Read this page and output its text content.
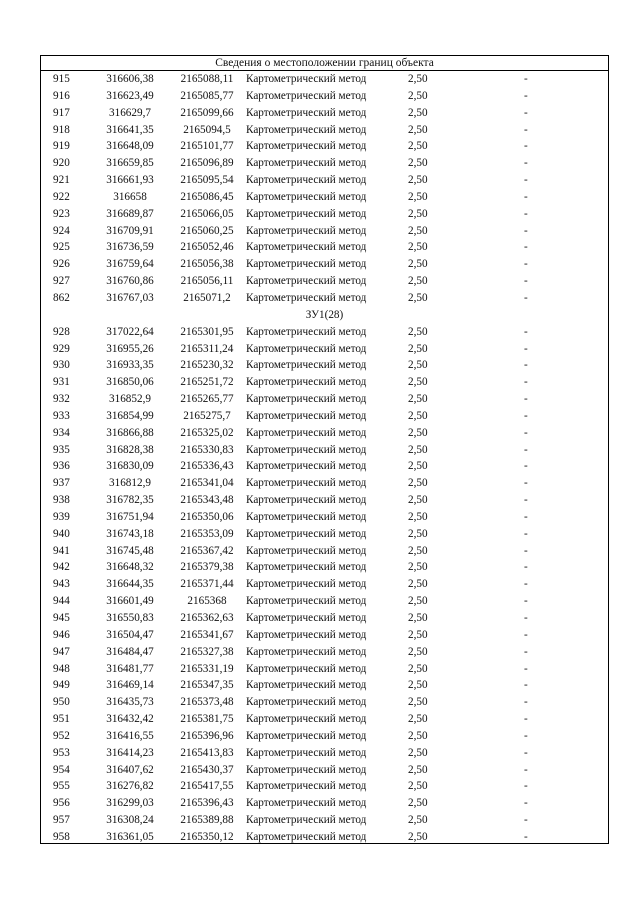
Сведения о местоположении границ объекта
915	316606,38	2165088,11	Картометрический метод	2,50	-
916	316623,49	2165085,77	Картометрический метод	2,50	-
917	316629,7	2165099,66	Картометрический метод	2,50	-
918	316641,35	2165094,5	Картометрический метод	2,50	-
919	316648,09	2165101,77	Картометрический метод	2,50	-
920	316659,85	2165096,89	Картометрический метод	2,50	-
921	316661,93	2165095,54	Картометрический метод	2,50	-
922	316658	2165086,45	Картометрический метод	2,50	-
923	316689,87	2165066,05	Картометрический метод	2,50	-
924	316709,91	2165060,25	Картометрический метод	2,50	-
925	316736,59	2165052,46	Картометрический метод	2,50	-
926	316759,64	2165056,38	Картометрический метод	2,50	-
927	316760,86	2165056,11	Картометрический метод	2,50	-
862	316767,03	2165071,2	Картометрический метод	2,50	-
ЗУ1(28)
928	317022,64	2165301,95	Картометрический метод	2,50	-
929	316955,26	2165311,24	Картометрический метод	2,50	-
930	316933,35	2165230,32	Картометрический метод	2,50	-
931	316850,06	2165251,72	Картометрический метод	2,50	-
932	316852,9	2165265,77	Картометрический метод	2,50	-
933	316854,99	2165275,7	Картометрический метод	2,50	-
934	316866,88	2165325,02	Картометрический метод	2,50	-
935	316828,38	2165330,83	Картометрический метод	2,50	-
936	316830,09	2165336,43	Картометрический метод	2,50	-
937	316812,9	2165341,04	Картометрический метод	2,50	-
938	316782,35	2165343,48	Картометрический метод	2,50	-
939	316751,94	2165350,06	Картометрический метод	2,50	-
940	316743,18	2165353,09	Картометрический метод	2,50	-
941	316745,48	2165367,42	Картометрический метод	2,50	-
942	316648,32	2165379,38	Картометрический метод	2,50	-
943	316644,35	2165371,44	Картометрический метод	2,50	-
944	316601,49	2165368	Картометрический метод	2,50	-
945	316550,83	2165362,63	Картометрический метод	2,50	-
946	316504,47	2165341,67	Картометрический метод	2,50	-
947	316484,47	2165327,38	Картометрический метод	2,50	-
948	316481,77	2165331,19	Картометрический метод	2,50	-
949	316469,14	2165347,35	Картометрический метод	2,50	-
950	316435,73	2165373,48	Картометрический метод	2,50	-
951	316432,42	2165381,75	Картометрический метод	2,50	-
952	316416,55	2165396,96	Картометрический метод	2,50	-
953	316414,23	2165413,83	Картометрический метод	2,50	-
954	316407,62	2165430,37	Картометрический метод	2,50	-
955	316276,82	2165417,55	Картометрический метод	2,50	-
956	316299,03	2165396,43	Картометрический метод	2,50	-
957	316308,24	2165389,88	Картометрический метод	2,50	-
958	316361,05	2165350,12	Картометрический метод	2,50	-
